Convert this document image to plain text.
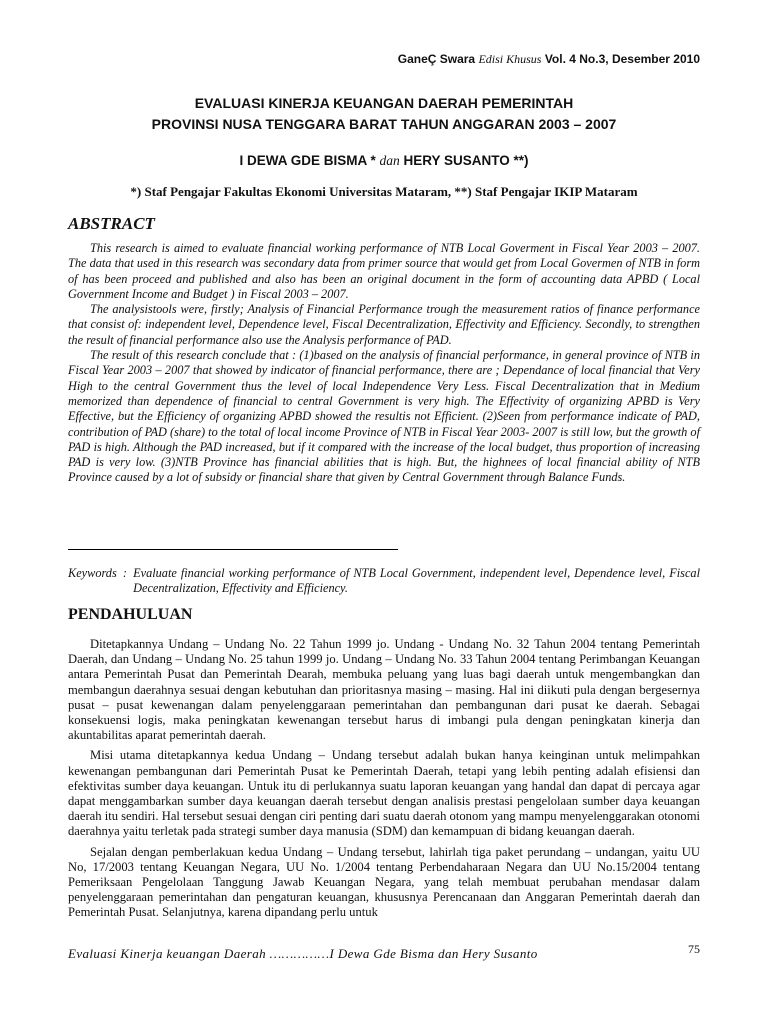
GaneÇ Swara Edisi Khusus Vol. 4 No.3, Desember 2010
EVALUASI KINERJA KEUANGAN DAERAH PEMERINTAH
PROVINSI NUSA TENGGARA BARAT TAHUN ANGGARAN 2003 – 2007
I DEWA GDE BISMA * dan HERY SUSANTO **)
*) Staf Pengajar Fakultas Ekonomi Universitas Mataram, **) Staf Pengajar IKIP Mataram
ABSTRACT

This research is aimed to evaluate financial working performance of NTB Local Goverment in Fiscal Year 2003 – 2007. The data that used in this research was secondary data from primer source that would get from Local Govermen of NTB in form of has been proceed and published and also has been an original document in the form of accounting data APBD ( Local Government Income and Budget ) in Fiscal 2003 – 2007.

The analysistools were, firstly; Analysis of Financial Performance trough the measurement ratios of finance performance that consist of: independent level, Dependence level, Fiscal Decentralization, Effectivity and Efficiency. Secondly, to strengthen the result of financial performance also use the Analysis performance of PAD.

The result of this research conclude that : (1)based on the analysis of financial performance, in general province of NTB in Fiscal Year 2003 – 2007 that showed by indicator of financial performance, there are ; Dependance of local financial that Very High to the central Government thus the level of local Independence Very Less. Fiscal Decentralization that in Medium memorized than dependence of financial to central Government is very high. The Effectivity of organizing APBD is Very Effective, but the Efficiency of organizing APBD showed the resultis not Efficient. (2)Seen from performance indicate of PAD, contribution of PAD (share) to the total of local income Province of NTB in Fiscal Year 2003- 2007 is still low, but the growth of PAD is high. Although the PAD increased, but if it compared with the increase of the local budget, thus proportion of increasing PAD is very low. (3)NTB Province has financial abilities that is high. But, the highnees of local financial ability of NTB Province caused by a lot of subsidy or financial share that given by Central Government through Balance Funds.

Keywords  : Evaluate financial working performance of NTB Local Government, independent level, Dependence level, Fiscal Decentralization, Effectivity and Efficiency.
PENDAHULUAN

Ditetapkannya Undang – Undang No. 22 Tahun 1999 jo. Undang - Undang No. 32 Tahun 2004 tentang Pemerintah Daerah, dan Undang – Undang No. 25 tahun 1999 jo. Undang – Undang No. 33 Tahun 2004 tentang Perimbangan Keuangan antara Pemerintah Pusat dan Pemerintah Dearah, membuka peluang yang luas bagi daerah untuk mengembangkan dan membangun daerahnya sesuai dengan kebutuhan dan prioritasnya masing – masing. Hal ini diikuti pula dengan bergesernya pusat – pusat kewenangan dalam penyelenggaraan pemerintahan dan pembangunan dari pusat ke daerah. Sebagai konsekuensi logis, maka peningkatan kewenangan tersebut harus di imbangi pula dengan peningkatan kinerja dan akuntabilitas aparat pemerintah daerah.

Misi utama ditetapkannya kedua Undang – Undang tersebut adalah bukan hanya keinginan untuk melimpahkan kewenangan pembangunan dari Pemerintah Pusat ke Pemerintah Daerah, tetapi yang lebih penting adalah efisiensi dan efektivitas sumber daya keuangan. Untuk itu di perlukannya suatu laporan keuangan yang handal dan dapat di percaya agar dapat menggambarkan sumber daya keuangan daerah tersebut dengan analisis prestasi pengelolaan sumber daya keuangan daerah itu sendiri. Hal tersebut sesuai dengan ciri penting dari suatu daerah otonom yang mampu menyelenggarakan otonomi daerahnya yaitu terletak pada strategi sumber daya manusia (SDM) dan kemampuan di bidang keuangan daerah.

Sejalan dengan pemberlakuan kedua Undang – Undang tersebut, lahirlah tiga paket perundang – undangan, yaitu UU No, 17/2003 tentang Keuangan Negara, UU No. 1/2004 tentang Perbendaharaan Negara dan UU No.15/2004 tentang Pemeriksaan Pengelolaan Tanggung Jawab Keuangan Negara, yang telah membuat perubahan mendasar dalam penyelenggaraan pemerintahan dan pengaturan keuangan, khususnya Perencanaan dan Anggaran Pemerintah daerah dan Pemerintah Pusat. Selanjutnya, karena dipandang perlu untuk

Evaluasi Kinerja keuangan Daerah ……………I Dewa Gde Bisma dan Hery Susanto	75
